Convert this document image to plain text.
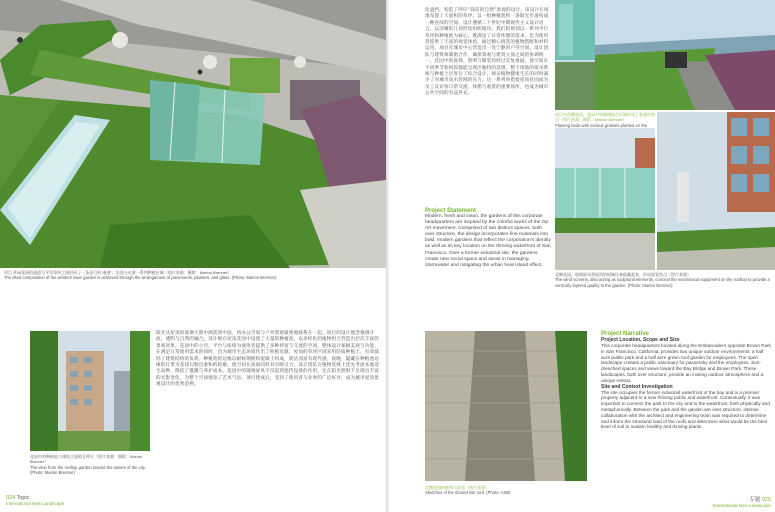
项目 休闲花园的通道与平坦草坪之间形成了一条步行的“通道”，沿途分布着一系列种植区域（图片来源：摄影：Marion Brenner）
The tilted composition of the western lawn garden is achieved through the arrangement of pavements, planters, and glass. (Photo: Marion Brenner)
化遮挡，构造了呼应“简洁的自然”景观的设计。该设计在场地布置了大面积的草坪，以一组种植池和一条阳光步道构成一种连续的空间。设计遵循二十世纪中期现代主义设计语言，以清晰的几何形状组织地块。我们的规划以一系列平行草坪和种植池为核心，既满足了日常休憩的需求，也为使用者提供了丰富的视觉体验。通过精心挑选的植物搭配和材料运用，项目在城市中心营造出一处宁静的户外空间。设计团队与建筑师紧密合作，确保景观与建筑立面之间的协调统一。花园中的座椅、照明与铺装均经过反复推敲，使空间在不同季节和时段都能呈现出独特的氛围。整个场地的排水系统与种植土层进行了综合设计，保证植物健康生长的同时减少了对城市雨水管网的压力。这一系列举措使屋顶花园成为员工及访客日常交流、休憩与观景的重要场所，也成为城市公共空间的有益补充。
Project Statement
Modern, fresh and clean, the gardens of this corporate headquarters are inspired by the colorful works of the Op Art movement. Comprised of two distinct spaces, both over structure, the design incorporates fine materials into bold, modern gardens that reflect the corporation's identity as well as its key location on the thriving waterfront of San Francisco. Over a former industrial site, the gardens create new social space and assist in managing stormwater and mitigating the urban heat island effect.
项目中西侧屋顶，花园中的玻璃围合区域形成了景观的焦点（图片来源：摄影：Marion Brenner）
Planting beds with various grasses planted on the
北侧花园，玻璃屏风将屋顶的机械设备隐藏起来，形成视觉焦点（图片来源）
The wind screens, also acting as sculptural elements, conceal the mechanical equipment on the rooftop to provide a vertically layered quality to the garden. (Photo: Marion Brenner)
花园中的种植池与建筑立面相互呼应（图片来源：摄影：Marion Brenner）
The view from the rooftop garden toward the towers of the city. (Photo: Marion Brenner)
阳光从屋顶的玻璃天窗中洒落到中庭，将办公空间与户外景观紧密地联系在一起。项目的设计理念强调开放、透明与自然的融合。设计师在屋顶花园中设置了大量的种植池，以多样化的植物组合营造出层次丰富的景观效果。花园中的小径、平台与座椅为使用者提供了多种停留与交流的空间。整体设计兼顾美观与功能，在满足日常使用需求的同时，也为城市生态环境作出了积极贡献。屋顶的草坪区域采用轻质种植土，有效减轻了建筑结构的负荷。种植池的边缘以耐候钢板和混凝土构成，简洁而富有现代感。夜晚，隐藏在种植池边缘的灯带为花园勾勒出柔和的轮廓，使空间在夜间同样具有吸引力。设计团队在植物选择上优先考虑本地适生品种，降低了灌溉与养护成本。花园中的玻璃屏风不仅起到遮挡设备的作用，还在阳光照射下呈现出丰富的光影变化，为整个空间增添了艺术气息。项目建成后，受到了使用者与业界的广泛好评，成为城市屋顶景观设计的优秀范例。
024 Topic
International New Landscape
北侧花园的座椅与步道（图片来源）
Sketches of the shared site roof. (Photo: ASB)
Project Narrative
Project Location, Scope and Size
This corporate headquarters located along the Embarcadero opposite Brown Park in San Francisco, California, provides two unique outdoor environments: a half acre public park and a half acre green roof garden for employees. The open landscape creates a public sanctuary for passersby and the employees. Sun-drenched spaces and views toward the Bay Bridge and Brown Park. These landscapes, both over structure, provide an inviting outdoor atmosphere and a unique retreat.
Site and Context Investigation
The site occupies the former industrial waterfront of the bay and is a premier property adjacent to a new thriving public and waterfront. Contextually, it was important to connect the park to the city and to the waterfront, both physically and metaphorically. Between the park and the garden are over structure, intense collaboration with the architect and engineering team was required to determine and inform the structural load of the roofs and determine what would be the best level of soil to sustain healthy and thriving plants.
专题 025
International New Landscape
